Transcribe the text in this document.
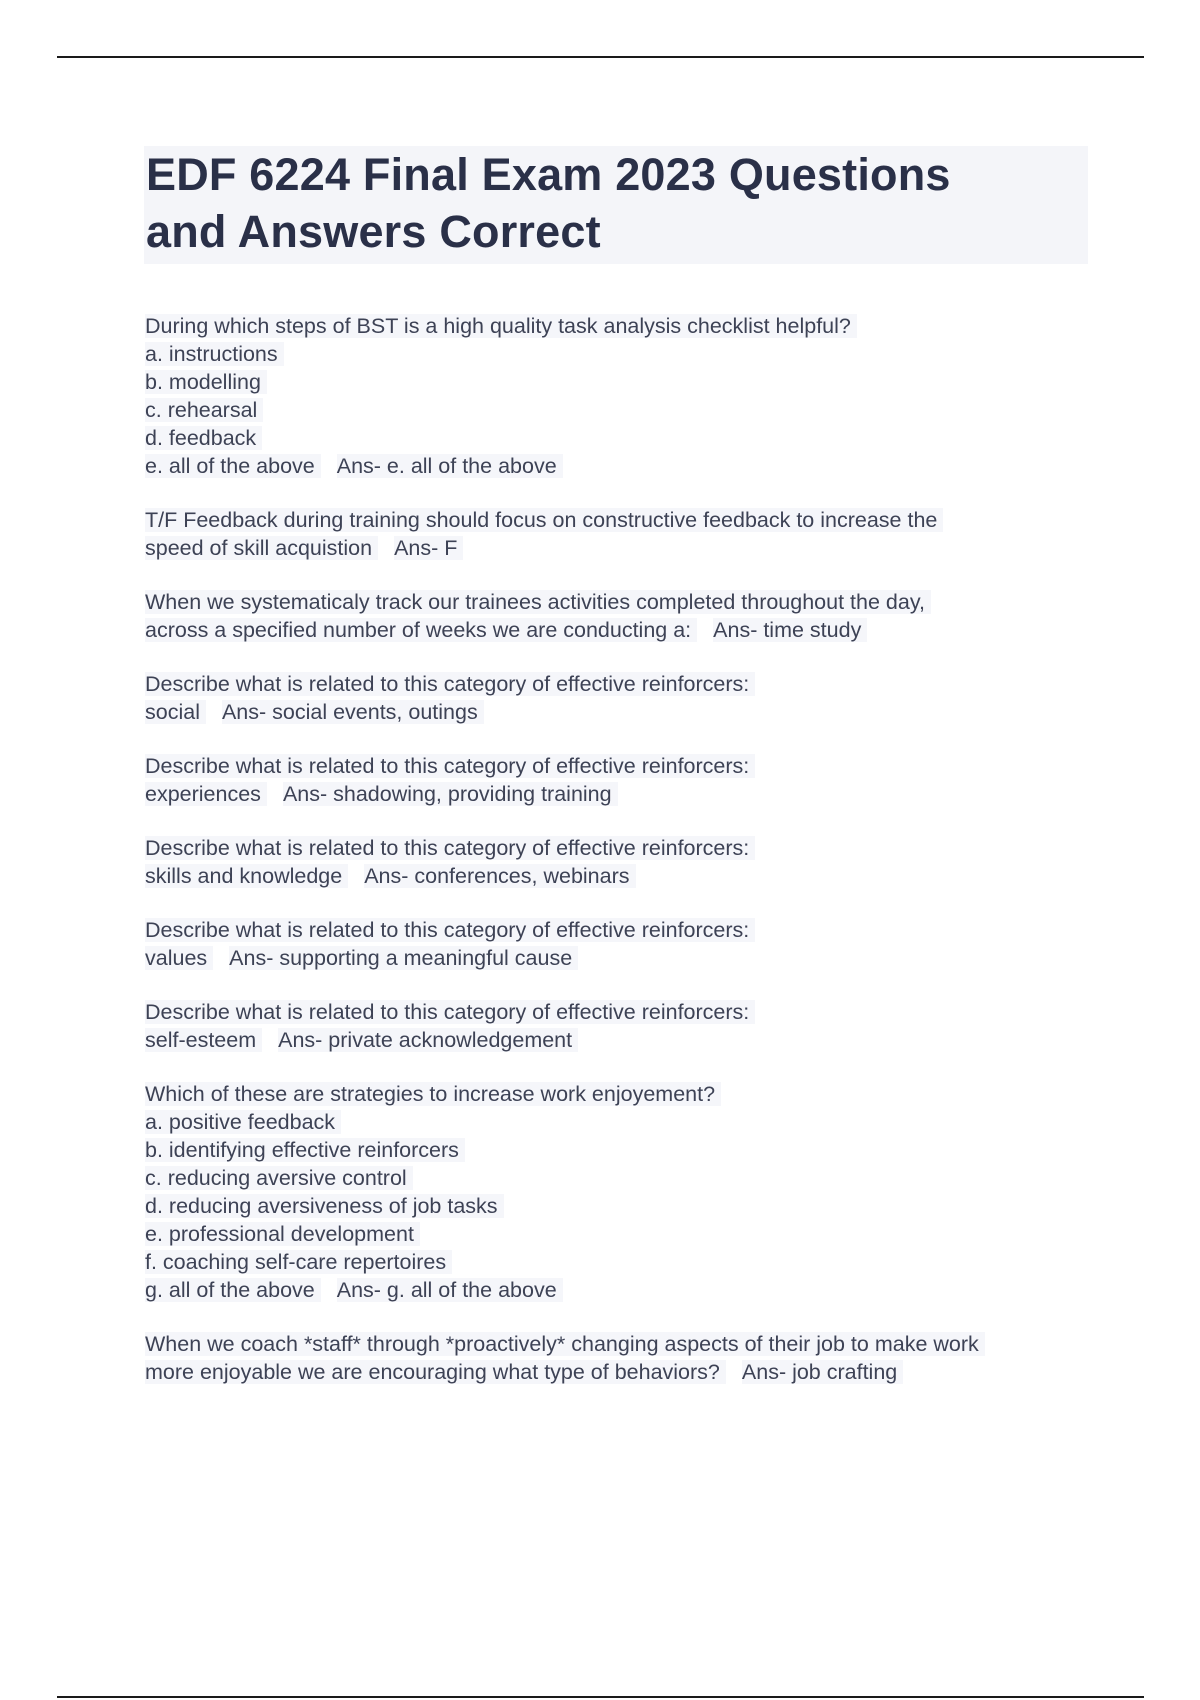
EDF 6224 Final Exam 2023 Questions
and Answers Correct
During which steps of BST is a high quality task analysis checklist helpful?
a. instructions
b. modelling
c. rehearsal
d. feedback
e. all of the above Ans- e. all of the above
T/F Feedback during training should focus on constructive feedback to increase the
speed of skill acquistion Ans- F
When we systematicaly track our trainees activities completed throughout the day,
across a specified number of weeks we are conducting a: Ans- time study
Describe what is related to this category of effective reinforcers:
social Ans- social events, outings
Describe what is related to this category of effective reinforcers:
experiences Ans- shadowing, providing training
Describe what is related to this category of effective reinforcers:
skills and knowledge Ans- conferences, webinars
Describe what is related to this category of effective reinforcers:
values Ans- supporting a meaningful cause
Describe what is related to this category of effective reinforcers:
self-esteem Ans- private acknowledgement
Which of these are strategies to increase work enjoyement?
a. positive feedback
b. identifying effective reinforcers
c. reducing aversive control
d. reducing aversiveness of job tasks
e. professional development
f. coaching self-care repertoires
g. all of the above Ans- g. all of the above
When we coach *staff* through *proactively* changing aspects of their job to make work
more enjoyable we are encouraging what type of behaviors? Ans- job crafting
